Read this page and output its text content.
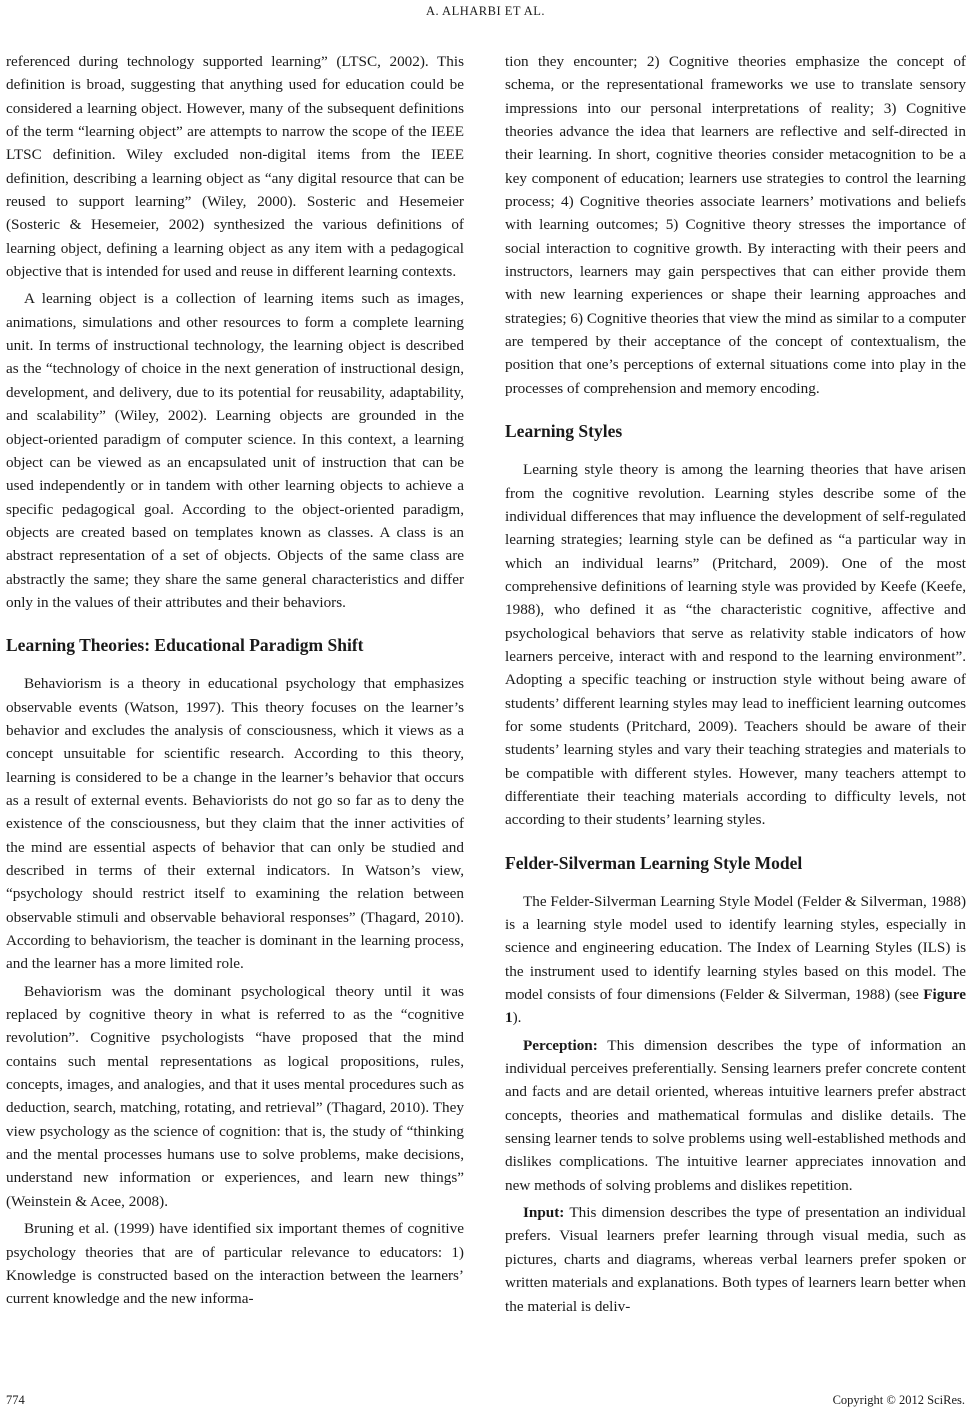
A. ALHARBI ET AL.

referenced during technology supported learning” (LTSC, 2002). This definition is broad, suggesting that anything used for education could be considered a learning object. However, many of the subsequent definitions of the term “learning object” are attempts to narrow the scope of the IEEE LTSC definition. Wiley excluded non-digital items from the IEEE definition, describing a learning object as “any digital resource that can be reused to support learning” (Wiley, 2000). Sosteric and Hesemeier (Sosteric & Hesemeier, 2002) synthesized the various definitions of learning object, defining a learning object as any item with a pedagogical objective that is intended for used and reuse in different learning contexts.

A learning object is a collection of learning items such as images, animations, simulations and other resources to form a complete learning unit. In terms of instructional technology, the learning object is described as the “technology of choice in the next generation of instructional design, development, and delivery, due to its potential for reusability, adaptability, and scalability” (Wiley, 2002). Learning objects are grounded in the object-oriented paradigm of computer science. In this context, a learning object can be viewed as an encapsulated unit of instruction that can be used independently or in tandem with other learning objects to achieve a specific pedagogical goal. According to the object-oriented paradigm, objects are created based on templates known as classes. A class is an abstract representation of a set of objects. Objects of the same class are abstractly the same; they share the same general characteristics and differ only in the values of their attributes and their behaviors.

Learning Theories: Educational Paradigm Shift

Behaviorism is a theory in educational psychology that emphasizes observable events (Watson, 1997). This theory focuses on the learner’s behavior and excludes the analysis of consciousness, which it views as a concept unsuitable for scientific research. According to this theory, learning is considered to be a change in the learner’s behavior that occurs as a result of external events. Behaviorists do not go so far as to deny the existence of the consciousness, but they claim that the inner activities of the mind are essential aspects of behavior that can only be studied and described in terms of their external indicators. In Watson’s view, “psychology should restrict itself to examining the relation between observable stimuli and observable behavioral responses” (Thagard, 2010). According to behaviorism, the teacher is dominant in the learning process, and the learner has a more limited role.

Behaviorism was the dominant psychological theory until it was replaced by cognitive theory in what is referred to as the “cognitive revolution”. Cognitive psychologists “have proposed that the mind contains such mental representations as logical propositions, rules, concepts, images, and analogies, and that it uses mental procedures such as deduction, search, matching, rotating, and retrieval” (Thagard, 2010). They view psychology as the science of cognition: that is, the study of “thinking and the mental processes humans use to solve problems, make decisions, understand new information or experiences, and learn new things” (Weinstein & Acee, 2008).

Bruning et al. (1999) have identified six important themes of cognitive psychology theories that are of particular relevance to educators: 1) Knowledge is constructed based on the interaction between the learners’ current knowledge and the new informa-

tion they encounter; 2) Cognitive theories emphasize the concept of schema, or the representational frameworks we use to translate sensory impressions into our personal interpretations of reality; 3) Cognitive theories advance the idea that learners are reflective and self-directed in their learning. In short, cognitive theories consider metacognition to be a key component of education; learners use strategies to control the learning process; 4) Cognitive theories associate learners’ motivations and beliefs with learning outcomes; 5) Cognitive theory stresses the importance of social interaction to cognitive growth. By interacting with their peers and instructors, learners may gain perspectives that can either provide them with new learning experiences or shape their learning approaches and strategies; 6) Cognitive theories that view the mind as similar to a computer are tempered by their acceptance of the concept of contextualism, the position that one’s perceptions of external situations come into play in the processes of comprehension and memory encoding.

Learning Styles

Learning style theory is among the learning theories that have arisen from the cognitive revolution. Learning styles describe some of the individual differences that may influence the development of self-regulated learning strategies; learning style can be defined as “a particular way in which an individual learns” (Pritchard, 2009). One of the most comprehensive definitions of learning style was provided by Keefe (Keefe, 1988), who defined it as “the characteristic cognitive, affective and psychological behaviors that serve as relativity stable indicators of how learners perceive, interact with and respond to the learning environment”. Adopting a specific teaching or instruction style without being aware of students’ different learning styles may lead to inefficient learning outcomes for some students (Pritchard, 2009). Teachers should be aware of their students’ learning styles and vary their teaching strategies and materials to be compatible with different styles. However, many teachers attempt to differentiate their teaching materials according to difficulty levels, not according to their students’ learning styles.

Felder-Silverman Learning Style Model

The Felder-Silverman Learning Style Model (Felder & Silverman, 1988) is a learning style model used to identify learning styles, especially in science and engineering education. The Index of Learning Styles (ILS) is the instrument used to identify learning styles based on this model. The model consists of four dimensions (Felder & Silverman, 1988) (see Figure 1).

Perception: This dimension describes the type of information an individual perceives preferentially. Sensing learners prefer concrete content and facts and are detail oriented, whereas intuitive learners prefer abstract concepts, theories and mathematical formulas and dislike details. The sensing learner tends to solve problems using well-established methods and dislikes complications. The intuitive learner appreciates innovation and new methods of solving problems and dislikes repetition.

Input: This dimension describes the type of presentation an individual prefers. Visual learners prefer learning through visual media, such as pictures, charts and diagrams, whereas verbal learners prefer spoken or written materials and explanations. Both types of learners learn better when the material is deliv-

774	Copyright © 2012 SciRes.
